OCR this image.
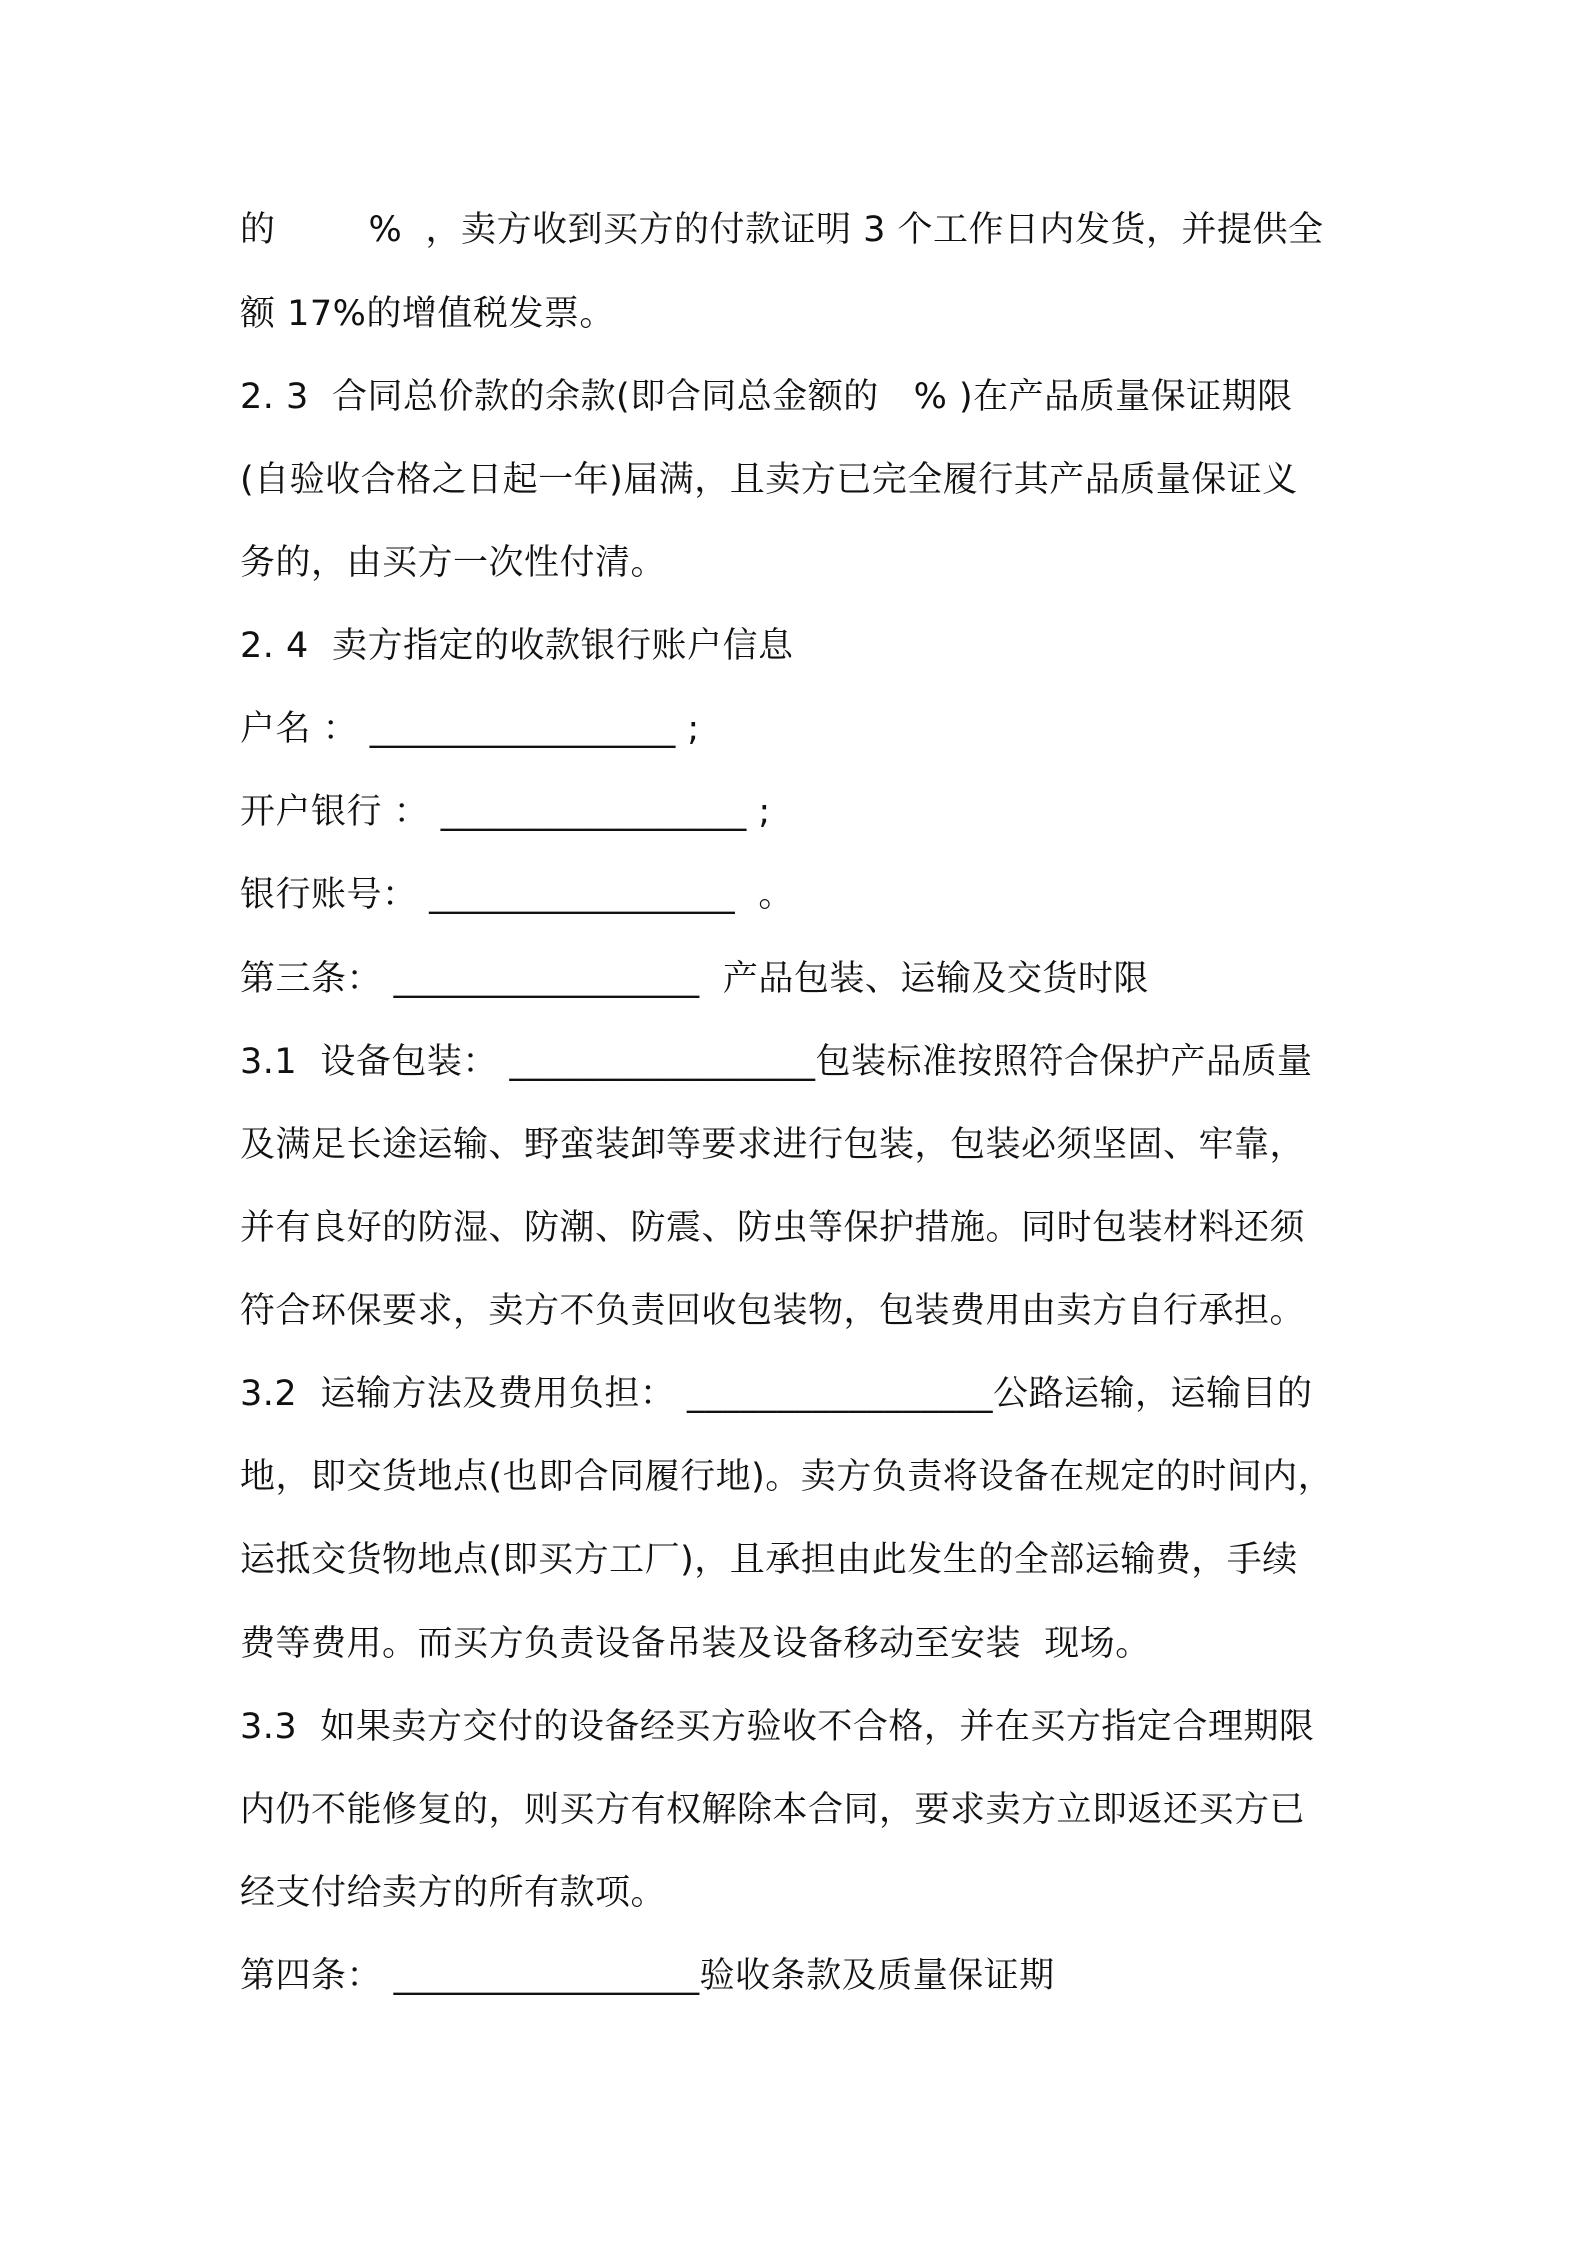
的        %  ，卖方收到买方的付款证明 3 个工作日内发货，并提供全
额 17%的增值税发票。
2. 3  合同总价款的余款(即合同总金额的   % )在产品质量保证期限
(自验收合格之日起一年)届满，且卖方已完全履行其产品质量保证义
务的，由买方一次性付清。
2. 4  卖方指定的收款银行账户信息
户名 ： _________________ ;
开户银行 ： _________________ ;
银行账号： _________________  。
第三条： _________________  产品包装、运输及交货时限
3.1  设备包装： _________________包装标准按照符合保护产品质量
及满足长途运输、野蛮装卸等要求进行包装，包装必须坚固、牢靠，
并有良好的防湿、防潮、防震、防虫等保护措施。同时包装材料还须
符合环保要求，卖方不负责回收包装物，包装费用由卖方自行承担。
3.2  运输方法及费用负担： _________________公路运输，运输目的
地，即交货地点(也即合同履行地)。卖方负责将设备在规定的时间内，
运抵交货物地点(即买方工厂)，且承担由此发生的全部运输费，手续
费等费用。而买方负责设备吊装及设备移动至安装  现场。
3.3  如果卖方交付的设备经买方验收不合格，并在买方指定合理期限
内仍不能修复的，则买方有权解除本合同，要求卖方立即返还买方已
经支付给卖方的所有款项。
第四条： _________________验收条款及质量保证期
